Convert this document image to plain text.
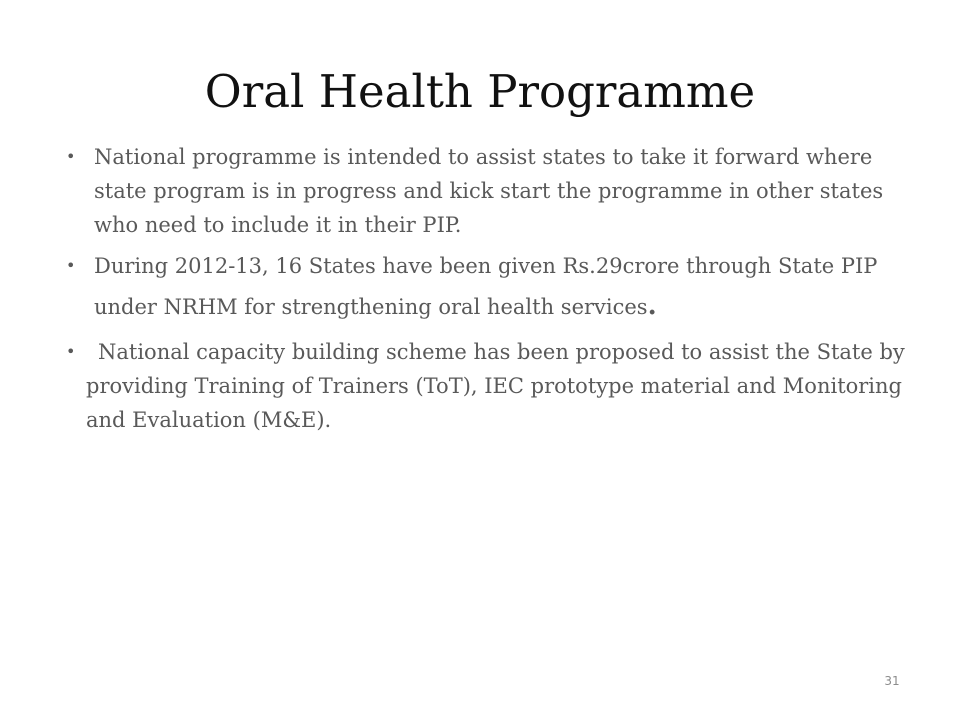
Oral Health Programme
• National programme is intended to assist states to take it forward where state program is in progress and kick start the programme in other states who need to include it in their PIP.
• During 2012-13, 16 States have been given Rs.29crore through State PIP under NRHM for strengthening oral health services.
• National capacity building scheme has been proposed to assist the State by providing Training of Trainers (ToT), IEC prototype material and Monitoring and Evaluation (M&E).
31
